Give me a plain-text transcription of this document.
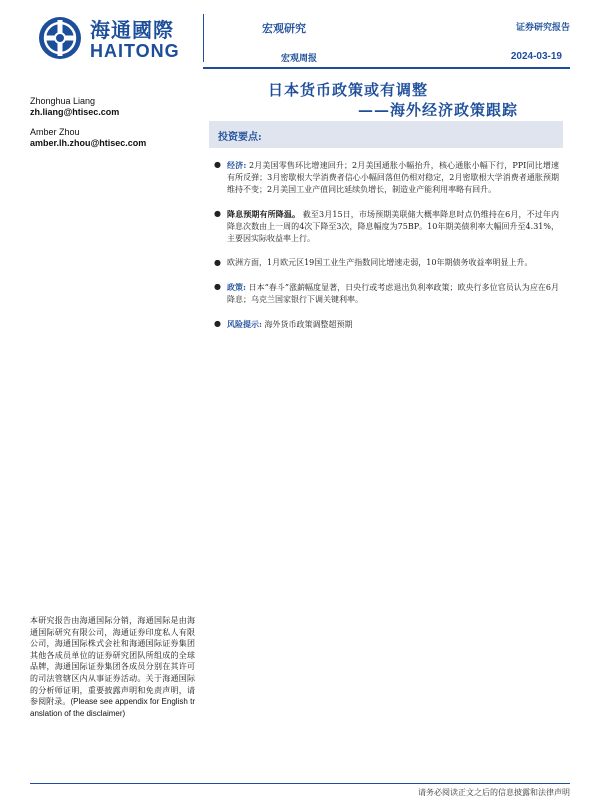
海通國際
HAITONG
宏观研究
宏观周报
证券研究报告
2024-03-19
日本货币政策或有调整
——海外经济政策跟踪
Zhonghua Liang
zh.liang@htisec.com
Amber Zhou
amber.lh.zhou@htisec.com	投资要点:
● 经济: 2月美国零售环比增速回升；2月美国通胀小幅抬升，核心通胀小幅下行，PPI同比增速有所反弹；3月密歇根大学消费者信心小幅回落但仍相对稳定，2月密歇根大学消费者通胀预期维持不变；2月美国工业产值同比延续负增长，制造业产能利用率略有回升。
● 降息预期有所降温。 截至3月15日，市场预期美联储大概率降息时点仍维持在6月，不过年内降息次数由上一周的4次下降至3次，降息幅度为75BP。10年期美债利率大幅回升至4.31%，主要因实际收益率上行。
● 欧洲方面，1月欧元区19国工业生产指数同比增速走弱，10年期债务收益率明显上升。
● 政策: 日本“春斗”涨薪幅度显著，日央行或考虑退出负利率政策；欧央行多位官员认为应在6月降息；乌克兰国家银行下调关键利率。
● 风险提示: 海外货币政策调整超预期
本研究报告由海通国际分销，海通国际是由海通国际研究有限公司，海通证券印度私人有限公司，海通国际株式会社和海通国际证券集团其他各成员单位的证券研究团队所组成的全球品牌，海通国际证券集团各成员分别在其许可的司法管辖区内从事证券活动。关于海通国际的分析师证明，重要披露声明和免责声明，请参阅附录。(Please see appendix for English translation of the disclaimer)
请务必阅读正文之后的信息披露和法律声明
